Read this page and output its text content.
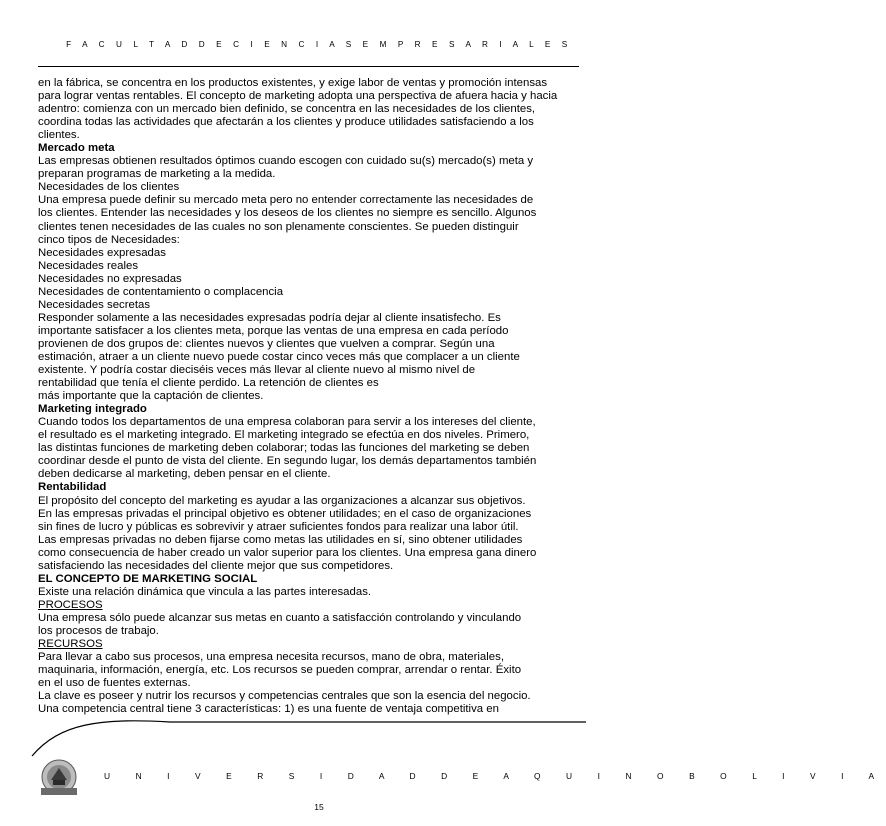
F A C U L T A D D E C I E N C I A S E M P R E S A R I A L E S
en la fábrica, se concentra en los productos existentes, y exige labor de ventas y promoción intensas
para lograr ventas rentables. El concepto de marketing adopta una perspectiva de afuera hacia y hacia
adentro: comienza con un mercado bien definido, se concentra en las necesidades de los clientes,
coordina todas las actividades que afectarán a los clientes y produce utilidades satisfaciendo a los
clientes.
Mercado meta
Las empresas obtienen resultados óptimos cuando escogen con cuidado su(s) mercado(s) meta y
preparan programas de marketing a la medida.
Necesidades de los clientes
Una empresa puede definir su mercado meta pero no entender correctamente las necesidades de
los clientes. Entender las necesidades y los deseos de los clientes no siempre es sencillo. Algunos
clientes tenen necesidades de las cuales no son plenamente conscientes. Se pueden distinguir
cinco tipos de Necesidades:
Necesidades expresadas
Necesidades reales
Necesidades no expresadas
Necesidades de contentamiento o complacencia
Necesidades secretas
Responder solamente a las necesidades expresadas podría dejar al cliente insatisfecho. Es
importante satisfacer a los clientes meta, porque las ventas de una empresa en cada período
provienen de dos grupos de: clientes nuevos y clientes que vuelven a comprar. Según una
estimación, atraer a un cliente nuevo puede costar cinco veces más que complacer a un cliente
existente. Y podría costar dieciséis veces más llevar al cliente nuevo al mismo nivel de
rentabilidad que tenía el cliente perdido. La retención de clientes es
más importante que la captación de clientes.
Marketing integrado
Cuando todos los departamentos de una empresa colaboran para servir a los intereses del cliente,
el resultado es el marketing integrado. El marketing integrado se efectúa en dos niveles. Primero,
las distintas funciones de marketing deben colaborar; todas las funciones del marketing se deben
coordinar desde el punto de vista del cliente. En segundo lugar, los demás departamentos también
deben dedicarse al marketing, deben pensar en el cliente.
Rentabilidad
El propósito del concepto del marketing es ayudar a las organizaciones a alcanzar sus objetivos.
En las empresas privadas el principal objetivo es obtener utilidades; en el caso de organizaciones
sin fines de lucro y públicas es sobrevivir y atraer suficientes fondos para realizar una labor útil.
Las empresas privadas no deben fijarse como metas las utilidades en sí, sino obtener utilidades
como consecuencia de haber creado un valor superior para los clientes. Una empresa gana dinero
satisfaciendo las necesidades del cliente mejor que sus competidores.
EL CONCEPTO DE MARKETING SOCIAL
Existe una relación dinámica que vincula a las partes interesadas.
PROCESOS
Una empresa sólo puede alcanzar sus metas en cuanto a satisfacción controlando y vinculando
los procesos de trabajo.
RECURSOS
Para llevar a cabo sus procesos, una empresa necesita recursos, mano de obra, materiales,
maquinaria, información, energía, etc. Los recursos se pueden comprar, arrendar o rentar. Éxito
en el uso de fuentes externas.
La clave es poseer y nutrir los recursos y competencias centrales que son la esencia del negocio.
Una competencia central tiene 3 características: 1) es una fuente de ventaja competitiva en
U N I V E R S I D A D D E A Q U I N O B O L I V I A
15
